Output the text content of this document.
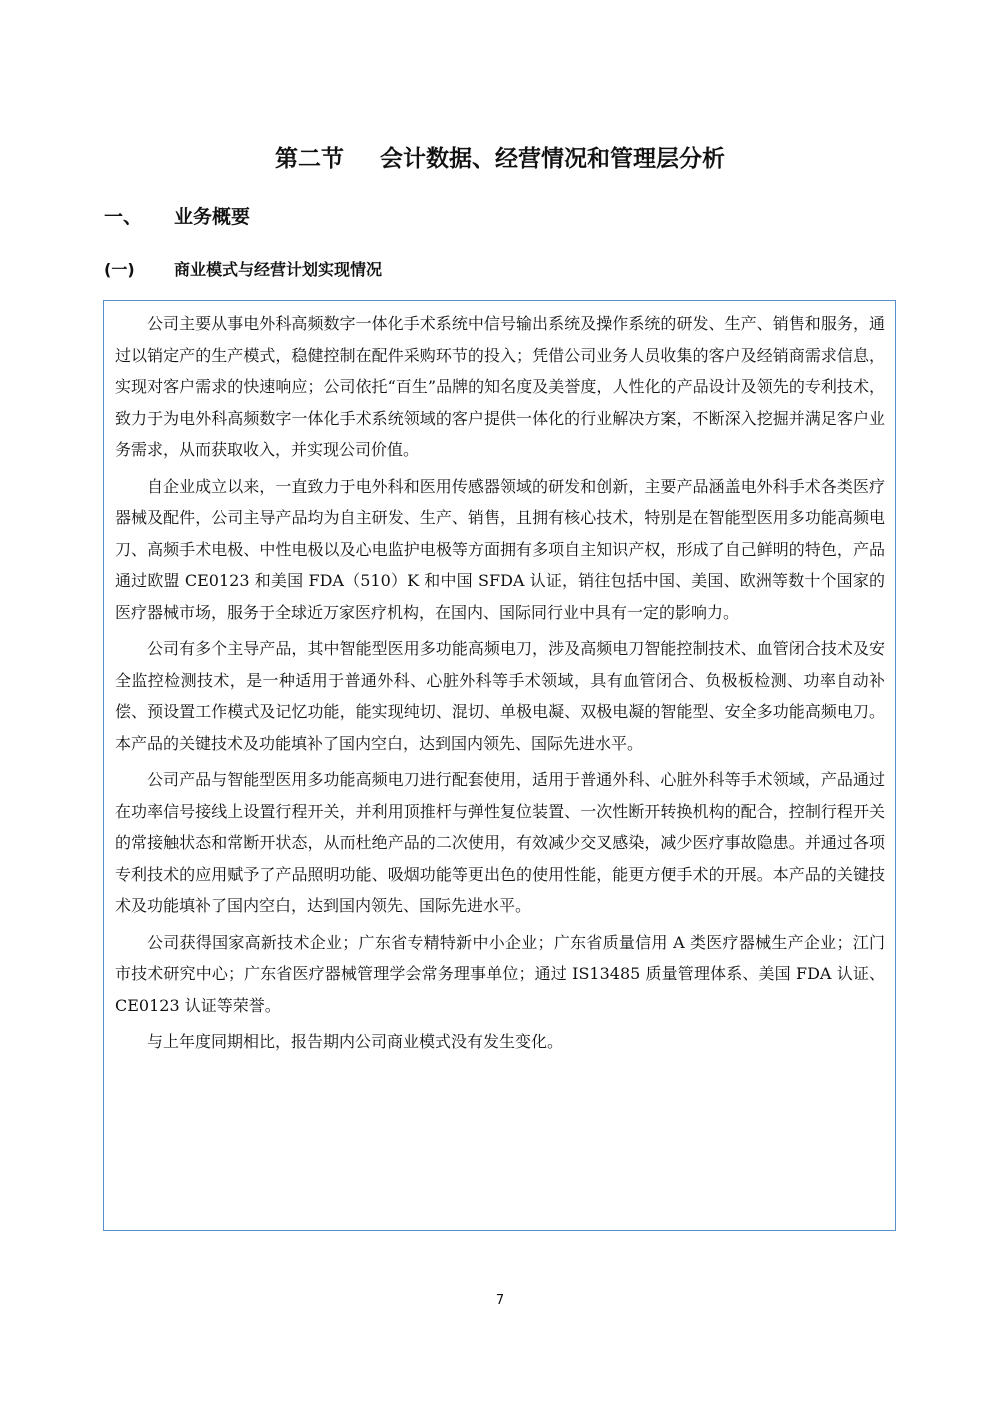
第二节 会计数据、经营情况和管理层分析
一、 业务概要
(一) 商业模式与经营计划实现情况

公司主要从事电外科高频数字一体化手术系统中信号输出系统及操作系统的研发、生产、销售和服务，通过以销定产的生产模式，稳健控制在配件采购环节的投入；凭借公司业务人员收集的客户及经销商需求信息，实现对客户需求的快速响应；公司依托“百生”品牌的知名度及美誉度，人性化的产品设计及领先的专利技术，致力于为电外科高频数字一体化手术系统领域的客户提供一体化的行业解决方案，不断深入挖掘并满足客户业务需求，从而获取收入，并实现公司价值。

自企业成立以来，一直致力于电外科和医用传感器领域的研发和创新，主要产品涵盖电外科手术各类医疗器械及配件，公司主导产品均为自主研发、生产、销售，且拥有核心技术，特别是在智能型医用多功能高频电刀、高频手术电极、中性电极以及心电监护电极等方面拥有多项自主知识产权，形成了自己鲜明的特色，产品通过欧盟 CE0123 和美国 FDA（510）K 和中国 SFDA 认证，销往包括中国、美国、欧洲等数十个国家的医疗器械市场，服务于全球近万家医疗机构，在国内、国际同行业中具有一定的影响力。

公司有多个主导产品，其中智能型医用多功能高频电刀，涉及高频电刀智能控制技术、血管闭合技术及安全监控检测技术，是一种适用于普通外科、心脏外科等手术领域，具有血管闭合、负极板检测、功率自动补偿、预设置工作模式及记忆功能，能实现纯切、混切、单极电凝、双极电凝的智能型、安全多功能高频电刀。本产品的关键技术及功能填补了国内空白，达到国内领先、国际先进水平。

公司产品与智能型医用多功能高频电刀进行配套使用，适用于普通外科、心脏外科等手术领域，产品通过在功率信号接线上设置行程开关，并利用顶推杆与弹性复位装置、一次性断开转换机构的配合，控制行程开关的常接触状态和常断开状态，从而杜绝产品的二次使用，有效减少交叉感染，减少医疗事故隐患。并通过各项专利技术的应用赋予了产品照明功能、吸烟功能等更出色的使用性能，能更方便手术的开展。本产品的关键技术及功能填补了国内空白，达到国内领先、国际先进水平。

公司获得国家高新技术企业；广东省专精特新中小企业；广东省质量信用 A 类医疗器械生产企业；江门市技术研究中心；广东省医疗器械管理学会常务理事单位；通过 IS13485 质量管理体系、美国 FDA 认证、CE0123 认证等荣誉。

与上年度同期相比，报告期内公司商业模式没有发生变化。

7
